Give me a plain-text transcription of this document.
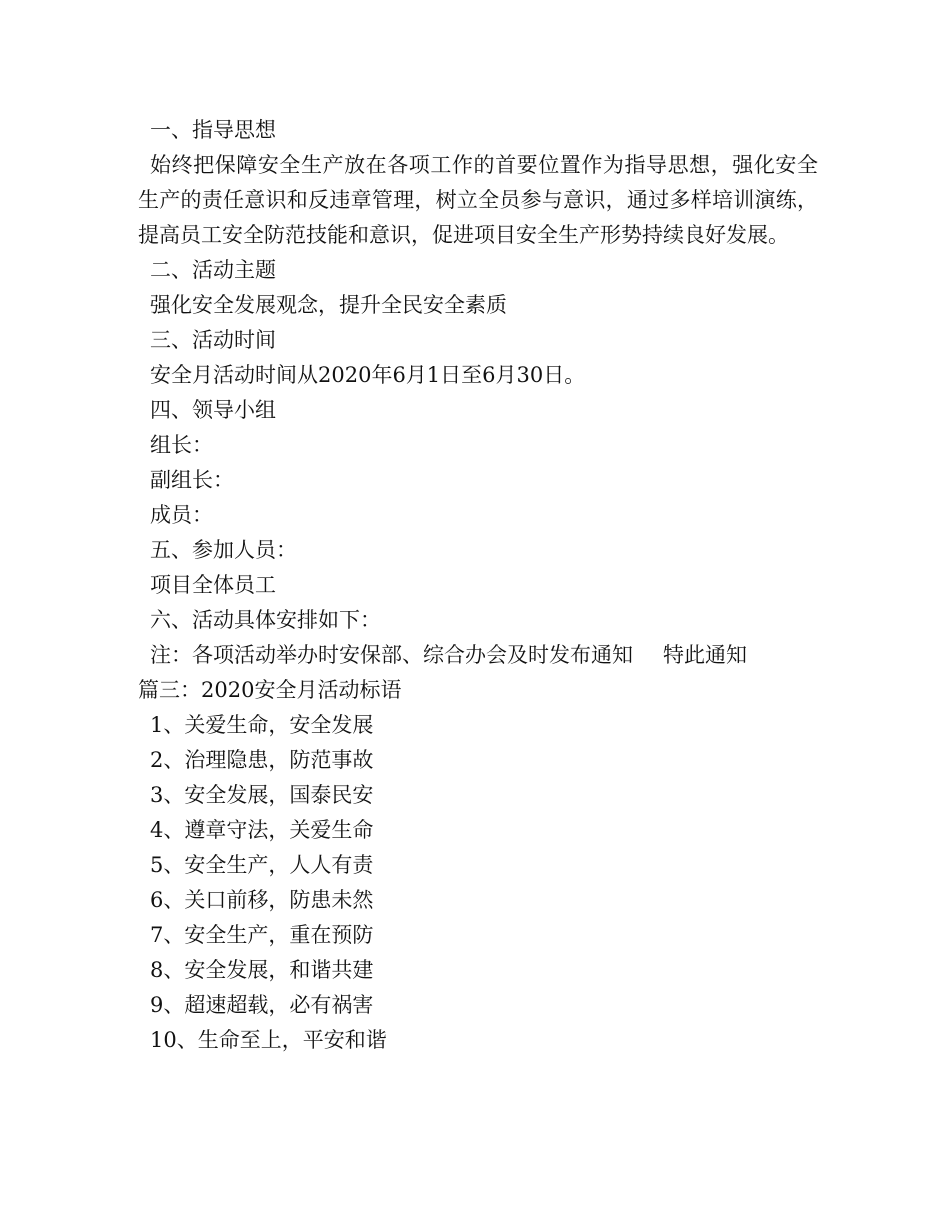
一、指导思想
始终把保障安全生产放在各项工作的首要位置作为指导思想，强化安全生产的责任意识和反违章管理，树立全员参与意识，通过多样培训演练，提高员工安全防范技能和意识，促进项目安全生产形势持续良好发展。
二、活动主题
强化安全发展观念，提升全民安全素质
三、活动时间
安全月活动时间从2020年6月1日至6月30日。
四、领导小组
组长：
副组长：
成员：
五、参加人员：
项目全体员工
六、活动具体安排如下：
注：各项活动举办时安保部、综合办会及时发布通知 特此通知
篇三：2020安全月活动标语
1、关爱生命，安全发展
2、治理隐患，防范事故
3、安全发展，国泰民安
4、遵章守法，关爱生命
5、安全生产，人人有责
6、关口前移，防患未然
7、安全生产，重在预防
8、安全发展，和谐共建
9、超速超载，必有祸害
10、生命至上，平安和谐
